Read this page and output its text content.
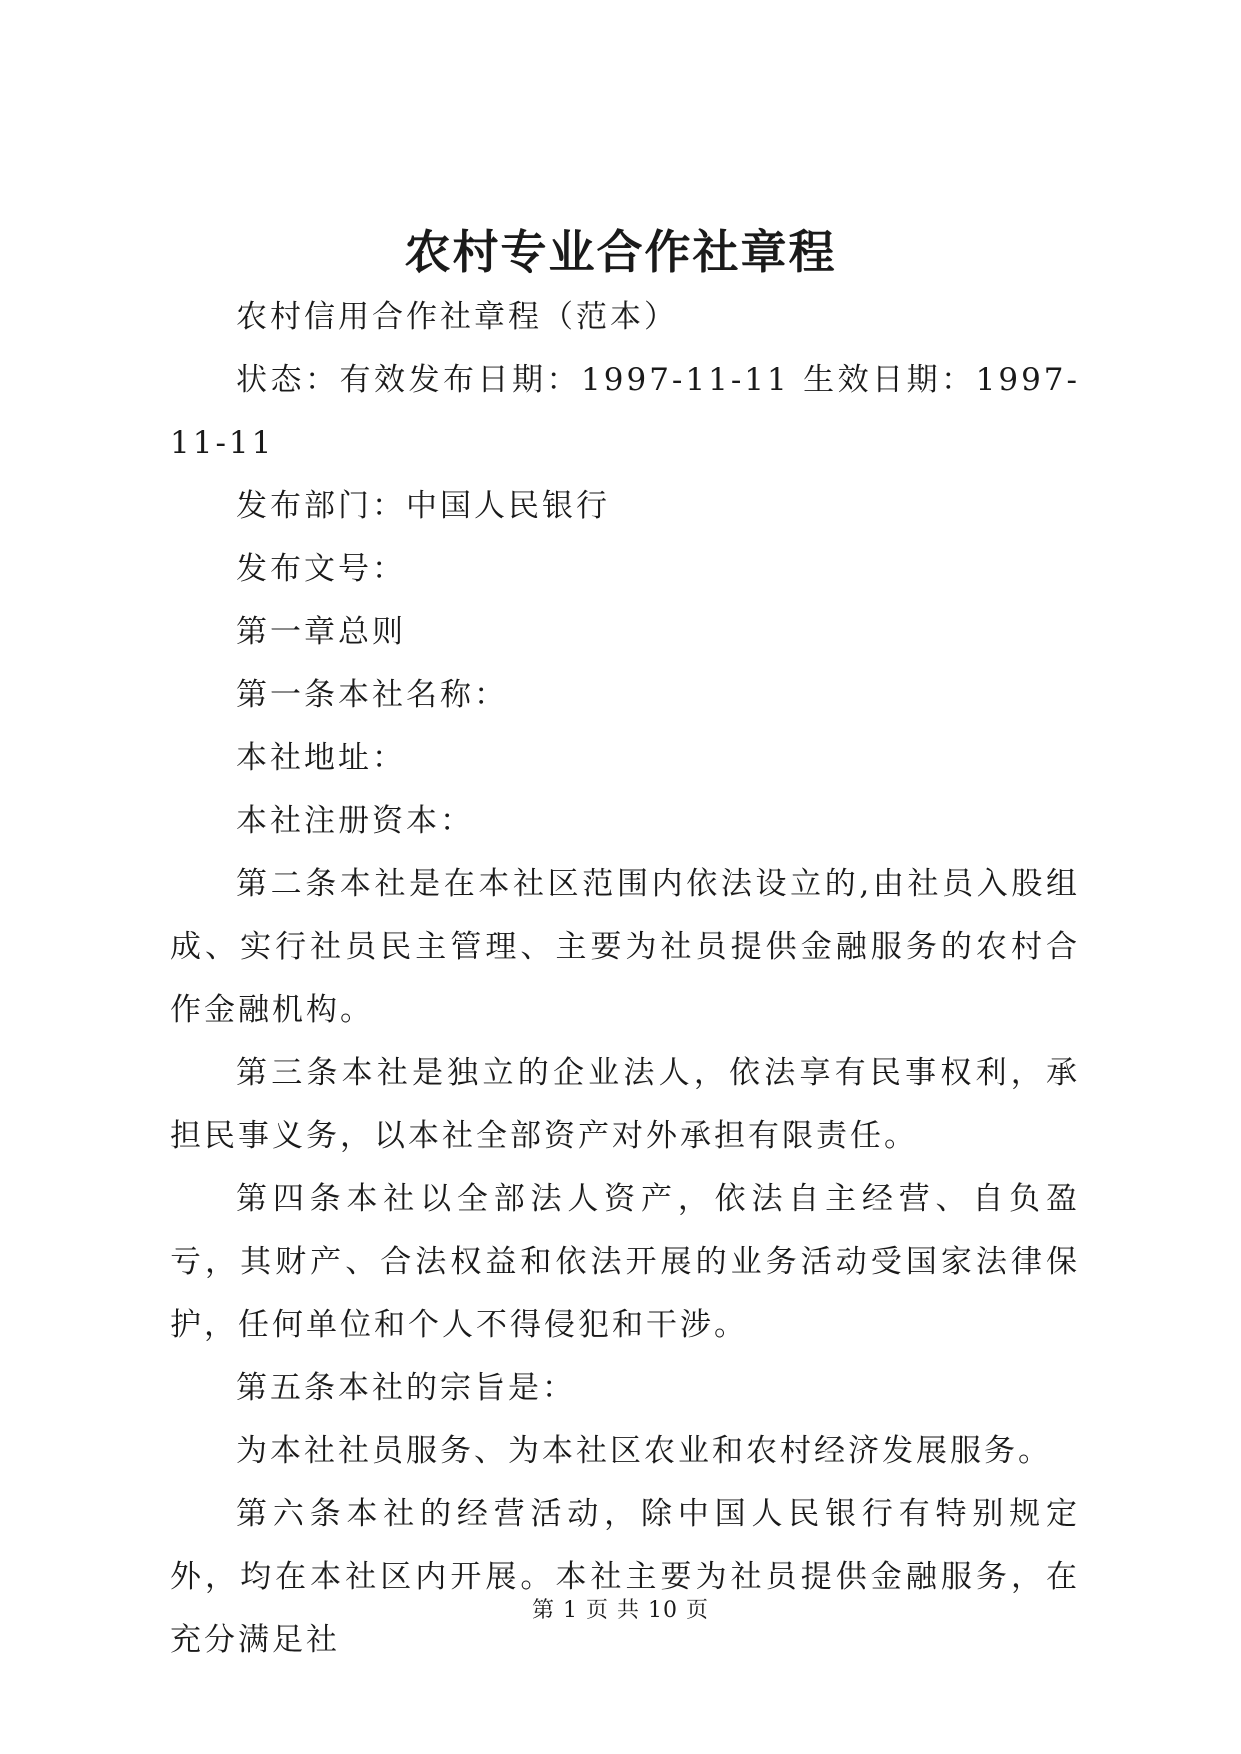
农村专业合作社章程

农村信用合作社章程（范本）

状态：有效发布日期：1997-11-11 生效日期：1997-11-11

发布部门：中国人民银行

发布文号：

第一章总则

第一条本社名称：

本社地址：

本社注册资本：

第二条本社是在本社区范围内依法设立的,由社员入股组成、实行社员民主管理、主要为社员提供金融服务的农村合作金融机构。

第三条本社是独立的企业法人，依法享有民事权利，承担民事义务，以本社全部资产对外承担有限责任。

第四条本社以全部法人资产，依法自主经营、自负盈亏，其财产、合法权益和依法开展的业务活动受国家法律保护，任何单位和个人不得侵犯和干涉。

第五条本社的宗旨是：

为本社社员服务、为本社区农业和农村经济发展服务。

第六条本社的经营活动，除中国人民银行有特别规定外，均在本社区内开展。本社主要为社员提供金融服务，在充分满足社

第 1 页 共 10 页
